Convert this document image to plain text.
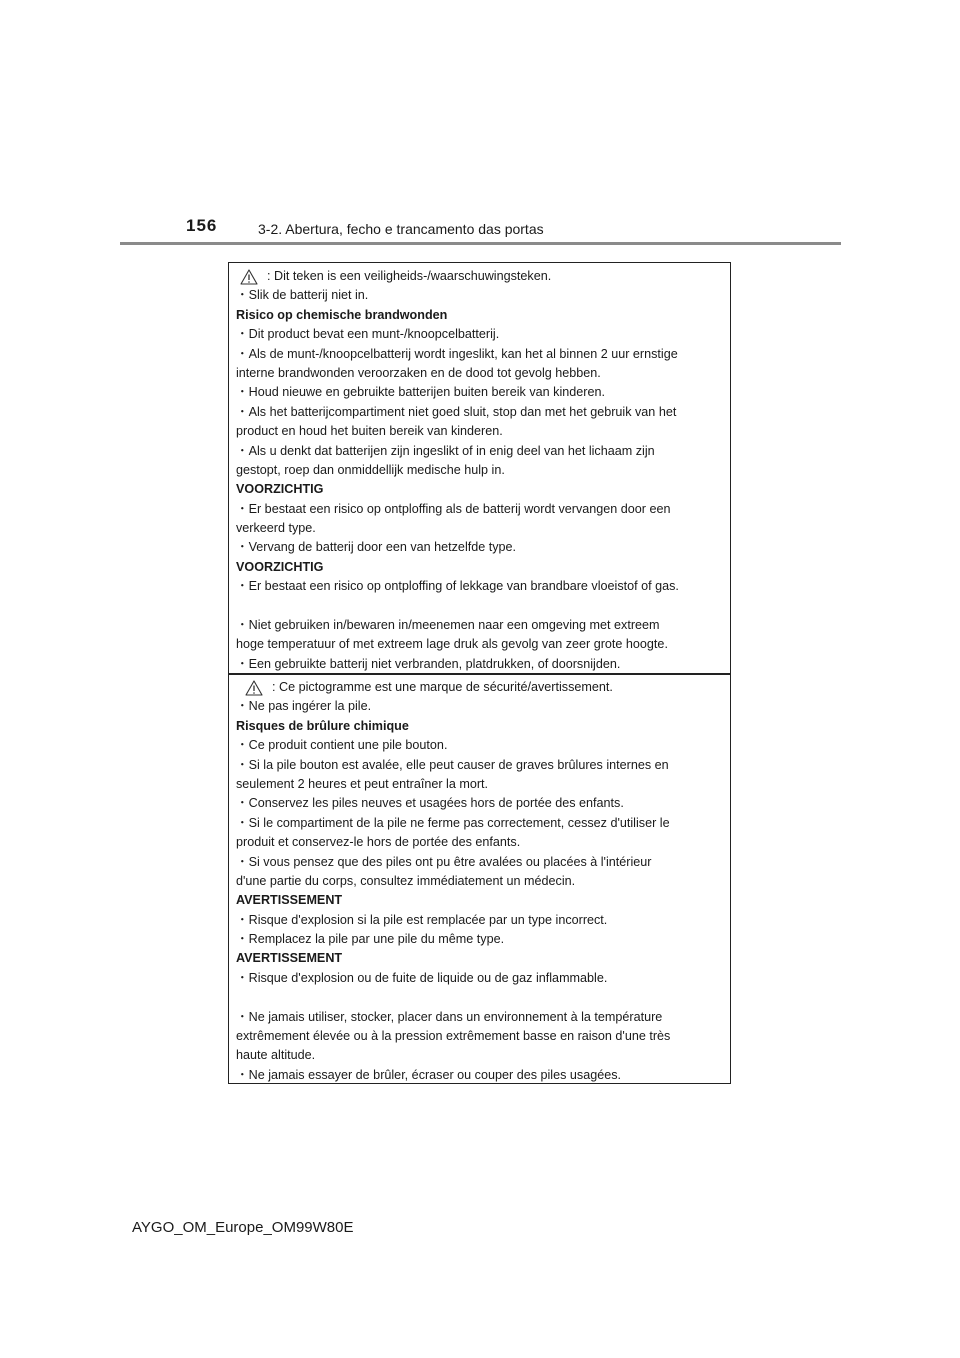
156	3-2. Abertura, fecho e trancamento das portas
: Dit teken is een veiligheids-/waarschuwingsteken.
・Slik de batterij niet in.
Risico op chemische brandwonden
・Dit product bevat een munt-/knoopcelbatterij.
・Als de munt-/knoopcelbatterij wordt ingeslikt, kan het al binnen 2 uur ernstige
interne brandwonden veroorzaken en de dood tot gevolg hebben.
・Houd nieuwe en gebruikte batterijen buiten bereik van kinderen.
・Als het batterijcompartiment niet goed sluit, stop dan met het gebruik van het
product en houd het buiten bereik van kinderen.
・Als u denkt dat batterijen zijn ingeslikt of in enig deel van het lichaam zijn
gestopt, roep dan onmiddellijk medische hulp in.
VOORZICHTIG
・Er bestaat een risico op ontploffing als de batterij wordt vervangen door een
verkeerd type.
・Vervang de batterij door een van hetzelfde type.
VOORZICHTIG
・Er bestaat een risico op ontploffing of lekkage van brandbare vloeistof of gas.
・Niet gebruiken in/bewaren in/meenemen naar een omgeving met extreem
hoge temperatuur of met extreem lage druk als gevolg van zeer grote hoogte.
・Een gebruikte batterij niet verbranden, platdrukken, of doorsnijden.
: Ce pictogramme est une marque de sécurité/avertissement.
・Ne pas ingérer la pile.
Risques de brûlure chimique
・Ce produit contient une pile bouton.
・Si la pile bouton est avalée, elle peut causer de graves brûlures internes en
seulement 2 heures et peut entraîner la mort.
・Conservez les piles neuves et usagées hors de portée des enfants.
・Si le compartiment de la pile ne ferme pas correctement, cessez d'utiliser le
produit et conservez-le hors de portée des enfants.
・Si vous pensez que des piles ont pu être avalées ou placées à l'intérieur
d'une partie du corps, consultez immédiatement un médecin.
AVERTISSEMENT
・Risque d'explosion si la pile est remplacée par un type incorrect.
・Remplacez la pile par une pile du même type.
AVERTISSEMENT
・Risque d'explosion ou de fuite de liquide ou de gaz inflammable.
・Ne jamais utiliser, stocker, placer dans un environnement à la température
extrêmement élevée ou à la pression extrêmement basse en raison d'une très
haute altitude.
・Ne jamais essayer de brûler, écraser ou couper des piles usagées.
AYGO_OM_Europe_OM99W80E
